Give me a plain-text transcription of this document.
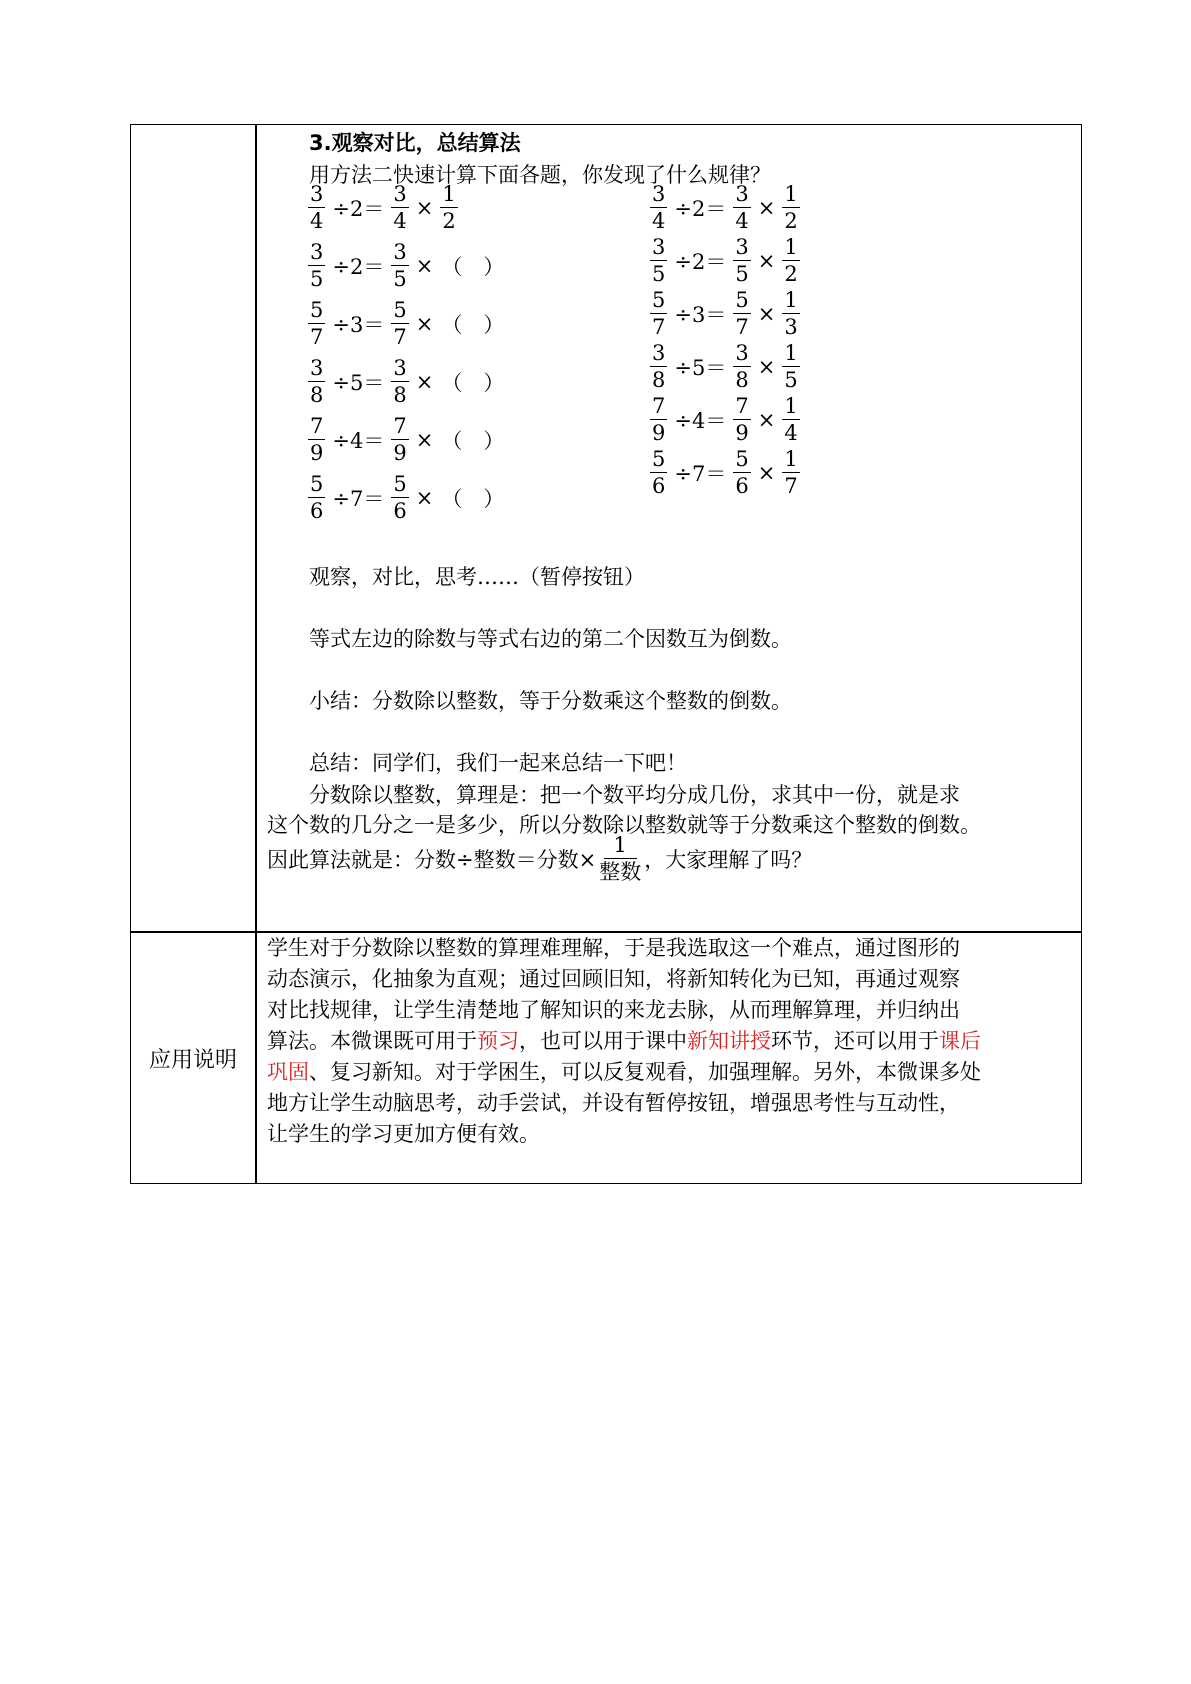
应用说明
3.观察对比，总结算法
用方法二快速计算下面各题，你发现了什么规律？
$\frac{3}{4} \div 2= \frac{3}{4} \times \frac{1}{2}$
$\frac{3}{5} \div 2= \frac{3}{5}$ × （　）
$\frac{5}{7} \div 3= \frac{5}{7}$ × （　）
$\frac{3}{8} \div 5= \frac{3}{8}$ × （　）
$\frac{7}{9} \div 4= \frac{7}{9}$ × （　）
$\frac{5}{6} \div 7= \frac{5}{6}$ × （　）
$\frac{3}{4} \div 2= \frac{3}{4} \times \frac{1}{2}$
$\frac{3}{5} \div 2= \frac{3}{5} \times \frac{1}{2}$
$\frac{5}{7} \div 3= \frac{5}{7} \times \frac{1}{3}$
$\frac{3}{8} \div 5= \frac{3}{8} \times \frac{1}{5}$
$\frac{7}{9} \div 4= \frac{7}{9} \times \frac{1}{4}$
$\frac{5}{6} \div 7= \frac{5}{6} \times \frac{1}{7}$
观察，对比，思考……（暂停按钮）
等式左边的除数与等式右边的第二个因数互为倒数。
小结：分数除以整数，等于分数乘这个整数的倒数。
总结：同学们，我们一起来总结一下吧！
分数除以整数，算理是：把一个数平均分成几份，求其中一份，就是求
这个数的几分之一是多少，所以分数除以整数就等于分数乘这个整数的倒数。
因此算法就是：分数÷整数＝分数× $\frac{1}{\text{整数}}$ ，大家理解了吗？
学生对于分数除以整数的算理难理解，于是我选取这一个难点，通过图形的
动态演示，化抽象为直观；通过回顾旧知，将新知转化为已知，再通过观察
对比找规律，让学生清楚地了解知识的来龙去脉，从而理解算理，并归纳出
算法。本微课既可用于预习，也可以用于课中新知讲授环节，还可以用于课后
巩固、复习新知。对于学困生，可以反复观看，加强理解。另外，本微课多处
地方让学生动脑思考，动手尝试，并设有暂停按钮，增强思考性与互动性，
让学生的学习更加方便有效。
